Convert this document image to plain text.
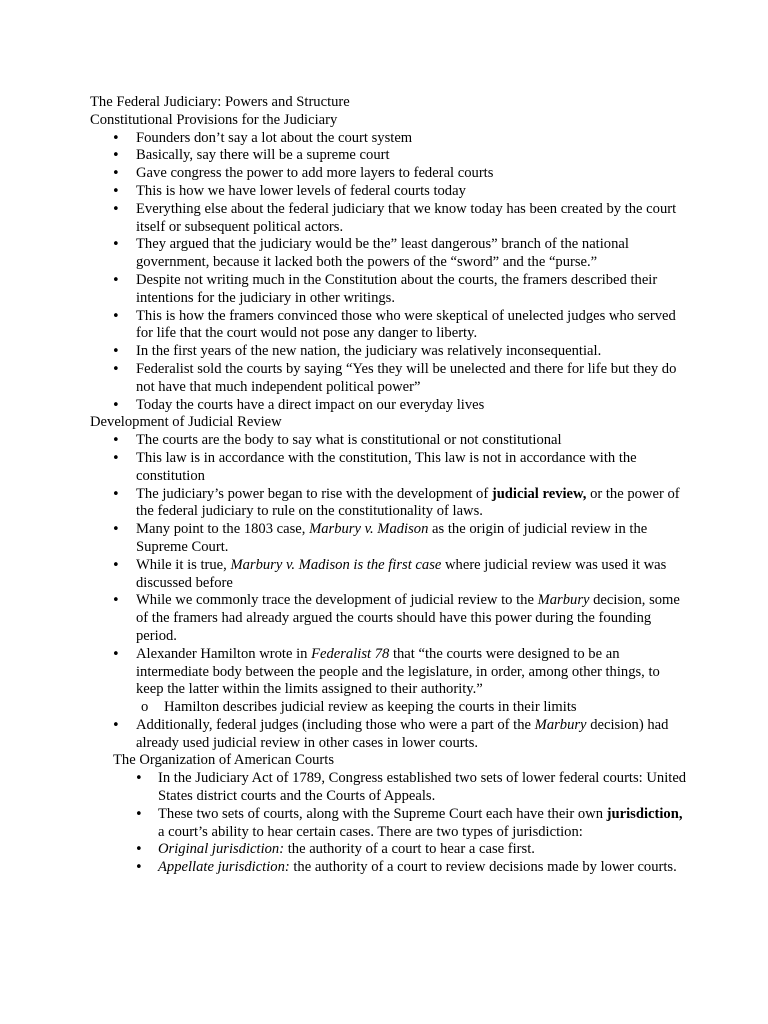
The Federal Judiciary: Powers and Structure
Constitutional Provisions for the Judiciary
•
Founders don’t say a lot about the court system
•
Basically, say there will be a supreme court
•
Gave congress the power to add more layers to federal courts
•
This is how we have lower levels of federal courts today
•
Everything else about the federal judiciary that we know today has been created by the court itself or subsequent political actors.
•
They argued that the judiciary would be the” least dangerous” branch of the national government, because it lacked both the powers of the “sword” and the “purse.”
•
Despite not writing much in the Constitution about the courts, the framers described their intentions for the judiciary in other writings.
•
This is how the framers convinced those who were skeptical of unelected judges who served for life that the court would not pose any danger to liberty.
•
In the first years of the new nation, the judiciary was relatively inconsequential.
•
Federalist sold the courts by saying “Yes they will be unelected and there for life but they do not have that much independent political power”
•
Today the courts have a direct impact on our everyday lives
Development of Judicial Review
•
The courts are the body to say what is constitutional or not constitutional
•
This law is in accordance with the constitution, This law is not in accordance with the constitution
•
The judiciary’s power began to rise with the development of judicial review, or the power of the federal judiciary to rule on the constitutionality of laws.
•
Many point to the 1803 case, Marbury v. Madison as the origin of judicial review in the Supreme Court.
•
While it is true, Marbury v. Madison is the first case where judicial review was used it was discussed before
•
While we commonly trace the development of judicial review to the Marbury decision, some of the framers had already argued the courts should have this power during the founding period.
•
Alexander Hamilton wrote in Federalist 78 that “the courts were designed to be an intermediate body between the people and the legislature, in order, among other things, to keep the latter within the limits assigned to their authority.”
o Hamilton describes judicial review as keeping the courts in their limits
•
Additionally, federal judges (including those who were a part of the Marbury decision) had already used judicial review in other cases in lower courts.
The Organization of American Courts
•
In the Judiciary Act of 1789, Congress established two sets of lower federal courts: United States district courts and the Courts of Appeals.
•
These two sets of courts, along with the Supreme Court each have their own jurisdiction, a court’s ability to hear certain cases. There are two types of jurisdiction:
•
Original jurisdiction: the authority of a court to hear a case first.
•
Appellate jurisdiction: the authority of a court to review decisions made by lower courts.
